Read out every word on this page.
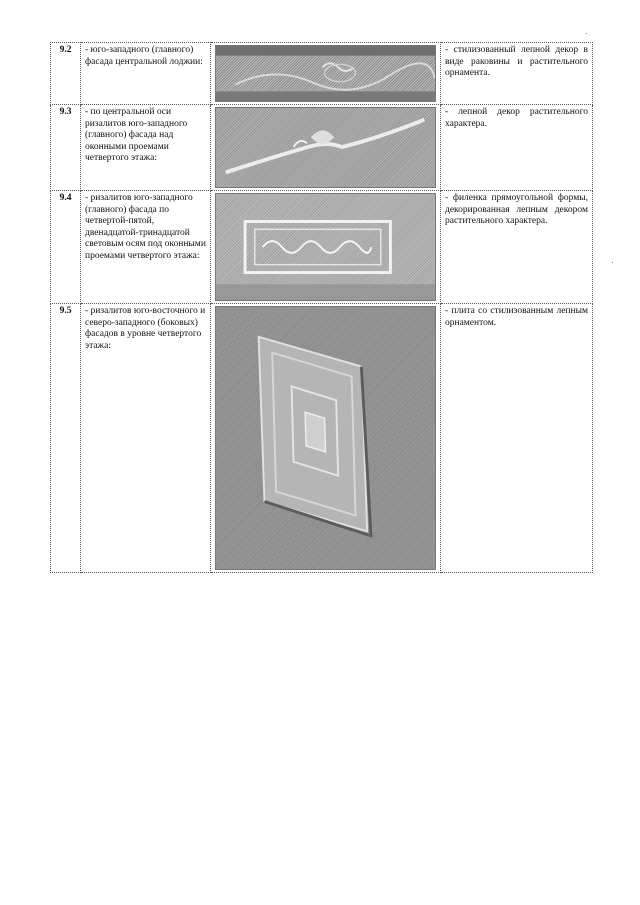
9.2	- юго-западного (главного) фасада центральной лоджии:		- стилизованный лепной декор в виде раковины и растительного орнамента.
9.3	- по центральной оси ризалитов юго-западного (главного) фасада над оконными проемами четвертого этажа:		- лепной декор растительного характера.
9.4	- ризалитов юго-западного (главного) фасада по четвертой-пятой, двенадцатой-тринадцатой световым осям под оконными проемами четвертого этажа:		- филенка прямоугольной формы, декорированная лепным декором растительного характера.
9.5	- ризалитов юго-восточного и северо-западного (боковых) фасадов в уровне четвертого этажа:		- плита со стилизованным лепным орнаментом.
